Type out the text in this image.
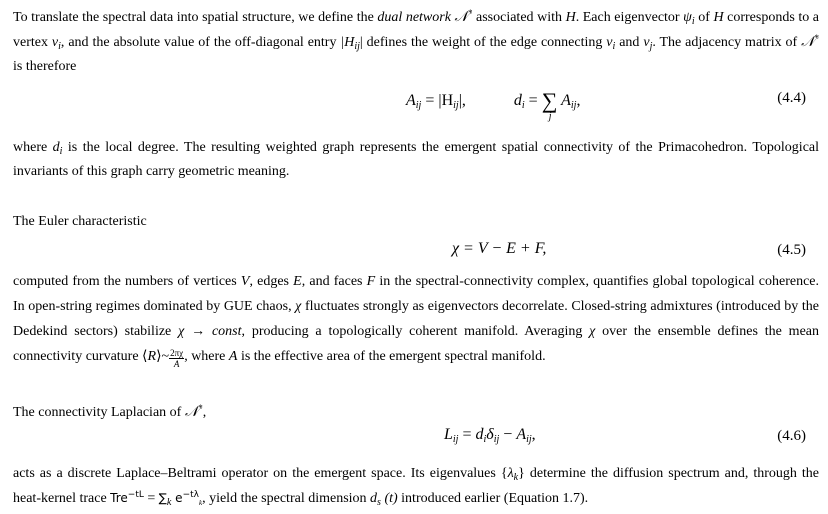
To translate the spectral data into spatial structure, we define the dual network 𝒩* associated with H. Each eigenvector $\psi_i$ of H corresponds to a vertex $v_i$, and the absolute value of the off-diagonal entry $|H_{ij}|$ defines the weight of the edge connecting $v_i$ and $v_j$. The adjacency matrix of 𝒩* is therefore
$A_{ij} = |H_{ij}|$,	$d_i$ = ∑
j
$A_{ij}$,	(4.4)
where $d_i$ is the local degree. The resulting weighted graph represents the emergent spatial connectivity of the Primacohedron. Topological invariants of this graph carry geometric meaning.
The Euler characteristic
χ = V − E + F,	(4.5)
computed from the numbers of vertices V, edges E, and faces F in the spectral-connectivity complex, quantifies global topological coherence. In open-string regimes dominated by GUE chaos, χ fluctuates strongly as eigenvectors decorrelate. Closed-string admixtures (introduced by the Dedekind sectors) stabilize χ → const, producing a topologically coherent manifold. Averaging χ over the ensemble defines the mean connectivity curvature ⟨R⟩~ $\frac{2\pi\chi}{A}$ , where A is the effective area of the emergent spectral manifold.
The connectivity Laplacian of 𝒩*,
$L_{ij} = d_i\delta_{ij} - A_{ij}$,	(4.6)
acts as a discrete Laplace–Beltrami operator on the emergent space. Its eigenvalues $\{\lambda_k\}$ determine the diffusion spectrum and, through the heat-kernel trace $Tre^{-tL} = \sum_k$ $e^{-t\lambda}_k$, yield the spectral dimension $d_s$ (t) introduced earlier (Equation 1.7).
